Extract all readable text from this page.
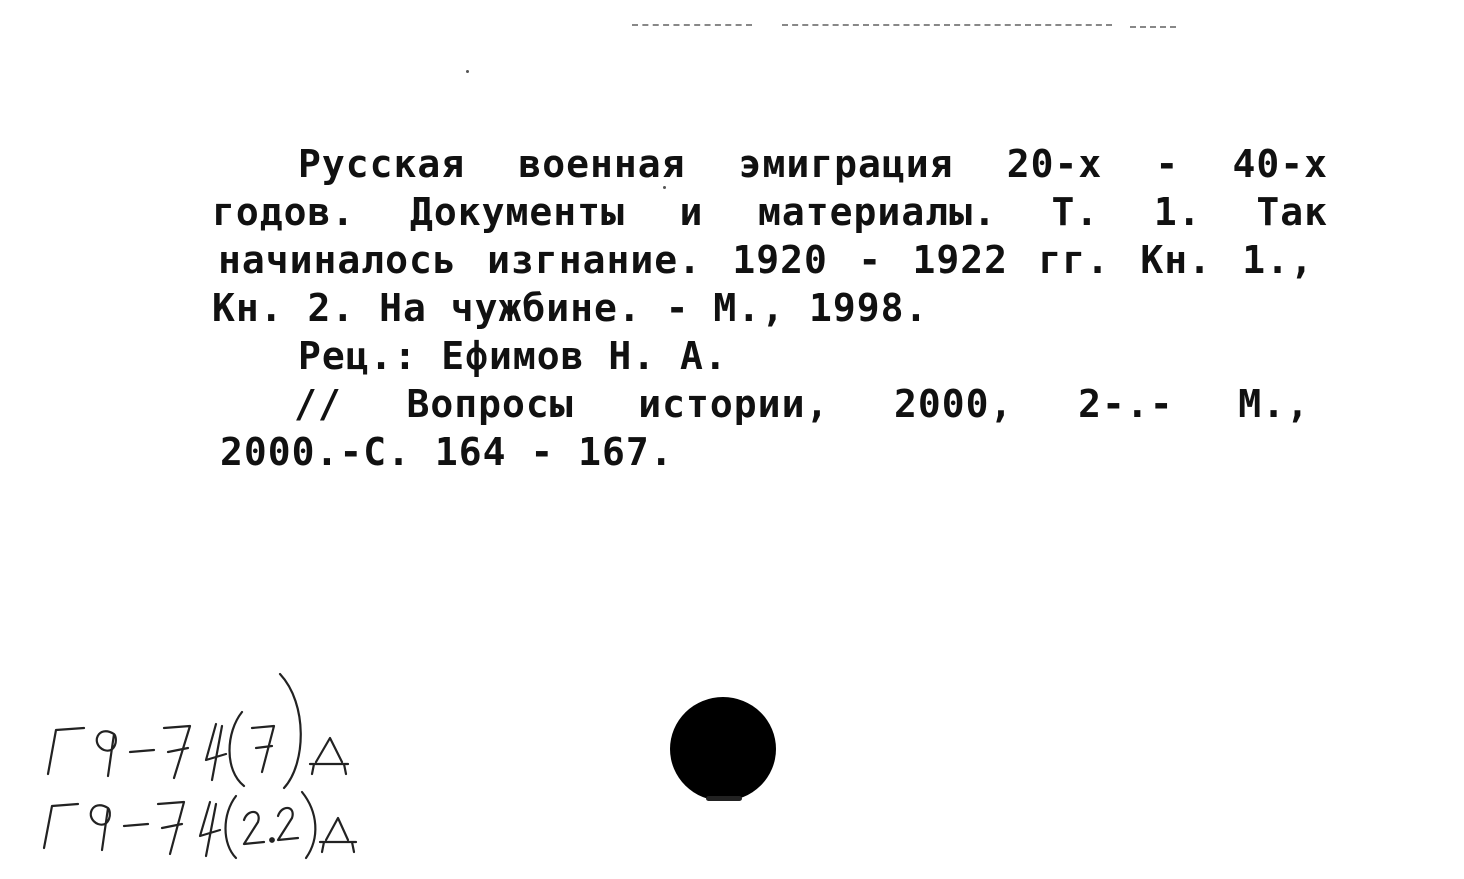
Русская военная эмиграция 20-х - 40-х
годов. Документы и материалы. Т. 1. Так
начиналось изгнание. 1920 - 1922 гг. Кн. 1.,
Кн. 2. На чужбине. - М., 1998.
Рец.: Ефимов Н. А.
// Вопросы истории, 2000, 2-.- М.,
2000.-С. 164 - 167.
